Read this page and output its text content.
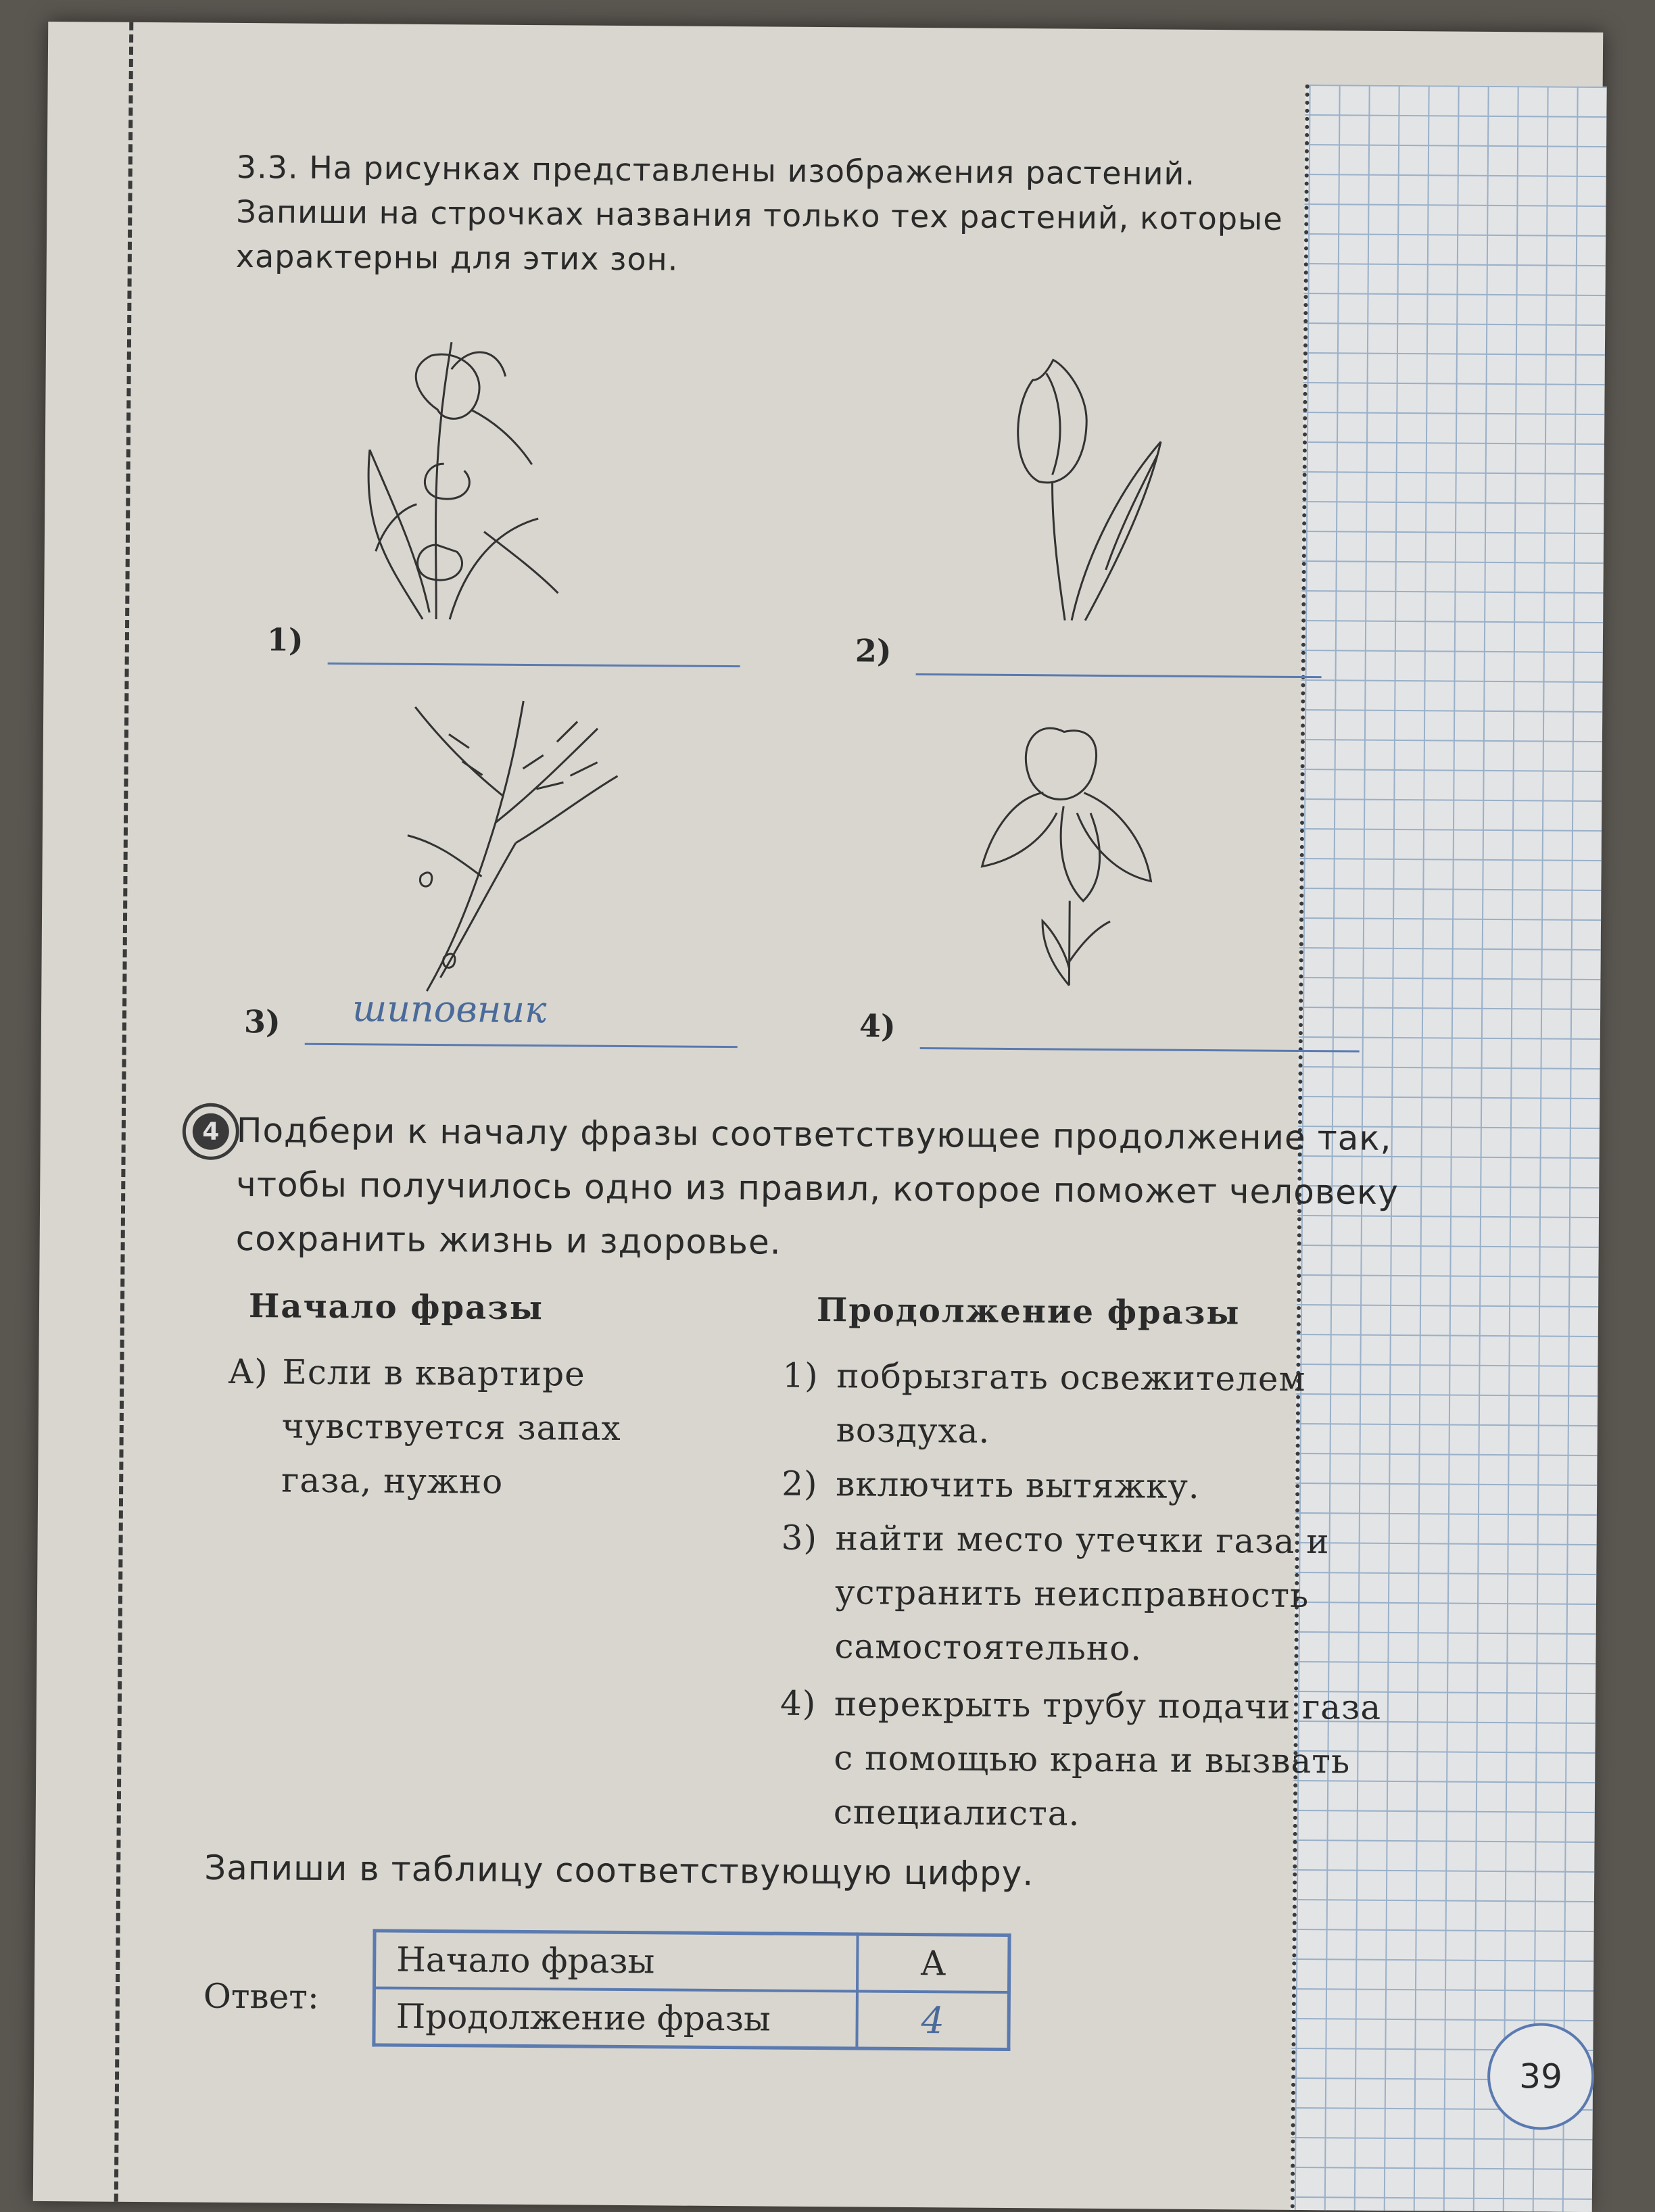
3.3. На рисунках представлены изображения растений. Запиши на строчках названия только тех растений, которые характерны для этих зон.
1)	2)
3) шиповник	4)
4 Подбери к началу фразы соответствующее продолжение так, чтобы получилось одно из правил, которое поможет человеку сохранить жизнь и здоровье.
Начало фразы	Продолжение фразы
А) Если в квартире чувствуется запах газа, нужно
1) побрызгать освежителем воздуха.
2) включить вытяжку.
3) найти место утечки газа и устранить неисправность самостоятельно.
4) перекрыть трубу подачи газа с помощью крана и вызвать специалиста.
Запиши в таблицу соответствующую цифру.
Ответ:
Начало фразы	А
Продолжение фразы	4
39
